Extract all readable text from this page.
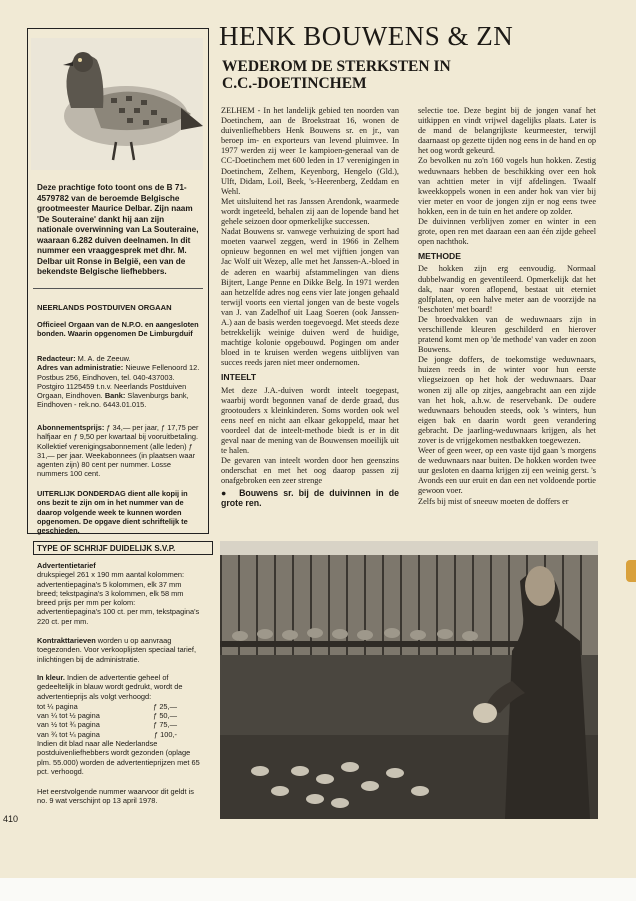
Deze prachtige foto toont ons de B 71-4579782 van de beroemde Belgische grootmeester Maurice Delbar. Zijn naam 'De Souteraine' dankt hij aan zijn nationale overwinning van La Souteraine, waaraan 6.282 duiven deelnamen. In dit nummer een vraaggesprek met dhr. M. Delbar uit Ronse in België, een van de bekendste Belgische liefhebbers.
NEERLANDS POSTDUIVEN ORGAAN
Officieel Orgaan van de N.P.O. en aangesloten bonden. Waarin opgenomen De Limburgduif
Redacteur: M. A. de Zeeuw.
Adres van administratie: Nieuwe Fellenoord 12. Postbus 256, Eindhoven, tel. 040-437003. Postgiro 1125459 t.n.v. Neerlands Postduiven Orgaan, Eindhoven. Bank: Slavenburgs bank, Eindhoven - rek.no. 6443.01.015.
Abonnementsprijs: ƒ 34,— per jaar, ƒ 17,75 per halfjaar en ƒ 9,50 per kwartaal bij vooruitbetaling. Kollektief verenigingsabonnement (alle leden) ƒ 31,— per jaar. Weekabonnees (in plaatsen waar agenten zijn) 80 cent per nummer. Losse nummers 100 cent.
UITERLIJK DONDERDAG dient alle kopij in ons bezit te zijn om in het nummer van de daarop volgende week te kunnen worden opgenomen. De opgave dient schriftelijk te geschieden.
TYPE OF SCHRIJF DUIDELIJK S.V.P.
Advertentietarief
drukspiegel 261 x 190 mm aantal kolommen: advertentiepagina's 5 kolommen, elk 37 mm breed; tekstpagina's 3 kolommen, elk 58 mm breed prijs per mm per kolom: advertentiepagina's 100 ct. per mm, tekstpagina's 220 ct. per mm.
Kontrakttarieven worden u op aanvraag toegezonden. Voor verkooplijsten speciaal tarief, inlichtingen bij de administratie.
In kleur. Indien de advertentie geheel of gedeeltelijk in blauw wordt gedrukt, wordt de advertentieprijs als volgt verhoogd:
tot ¼ pagina	ƒ 25,—
van ¼ tot ½ pagina	ƒ 50,—
van ½ tot ¾ pagina	ƒ 75,—
van ¾ tot ¼ pagina	ƒ 100,-
Indien dit blad naar alle Nederlandse postduivenliefhebbers wordt gezonden (oplage plm. 55.000) worden de advertentieprijzen met 65 pct. verhoogd.
Het eerstvolgende nummer waarvoor dit geldt is no. 9 wat verschijnt op 13 april 1978.
410
HENK BOUWENS & ZN
WEDEROM DE STERKSTEN IN
C.C.-DOETINCHEM

ZELHEM - In het landelijk gebied ten noorden van Doetinchem, aan de Broekstraat 16, wonen de duivenliefhebbers Henk Bouwens sr. en jr., van beroep im- en exporteurs van levend pluimvee. In 1977 werden zij weer 1e kampioen-generaal van de CC-Doetinchem met 600 leden in 17 verenigingen in Doetinchem, Zelhem, Keyenborg, Hengelo (Gld.), Ulft, Didam, Loil, Beek, 's-Heerenberg, Zeddam en Wehl.

Met uitsluitend het ras Janssen Arendonk, waarmede wordt ingeteeld, behalen zij aan de lopende band het gehele seizoen door opmerkelijke successen.

Nadat Bouwens sr. vanwege verhuizing de sport had moeten vaarwel zeggen, werd in 1966 in Zelhem opnieuw begonnen en wel met vijftien jongen van Jac Wolf uit Wezep, alle met het Janssen-A.-bloed in de aderen en waarbij afstammelingen van diens Bijtert, Lange Penne en Dikke Belg. In 1971 werden aan hetzelfde adres nog eens vier late jongen gehaald terwijl voorts een viertal jongen van de beste vogels van J. van Zadelhof uit Laag Soeren (ook Janssen-A.) aan de basis werden toegevoegd. Met steeds deze betrekkelijk weinige duiven werd de huidige, machtige kolonie opgebouwd. Pogingen om ander bloed in te kruisen werden wegens uitblijven van succes reeds jaren niet meer ondernomen.

INTEELT

Met deze J.A.-duiven wordt inteelt toegepast, waarbij wordt begonnen vanaf de derde graad, dus grootouders x kleinkinderen. Soms worden ook wel eens neef en nicht aan elkaar gekoppeld, maar het voordeel dat de inteelt-methode biedt is er in dit geval naar de mening van de Bouwensen moeilijk uit te halen.

De gevaren van inteelt worden door hen geenszins onderschat en met het oog daarop passen zij onafgebroken een zeer strenge

● Bouwens sr. bij de duivinnen in de grote ren.

selectie toe. Deze begint bij de jongen vanaf het uitkippen en vindt vrijwel dagelijks plaats. Later is de mand de belangrijkste keurmeester, terwijl daarnaast op gezette tijden nog eens in de hand en op het oog wordt gekeurd.

Zo bevolken nu zo'n 160 vogels hun hokken. Zestig weduwnaars hebben de beschikking over een hok van achttien meter in vijf afdelingen. Twaalf kweekkoppels wonen in een ander hok van vier bij vier meter en voor de jongen zijn er nog eens twee hokken, een in de tuin en het andere op zolder.

De duivinnen verblijven zomer en winter in een grote, open ren met daaraan een aan één zijde geheel open nachthok.

METHODE

De hokken zijn erg eenvoudig. Normaal dubbelwandig en geventileerd. Opmerkelijk dat het dak, naar voren aflopend, bestaat uit eterniet golfplaten, op een halve meter aan de voorzijde na 'beschoten' met board!

De broedvakken van de weduwnaars zijn in verschillende kleuren geschilderd en hierover pratend komt men op 'de methode' van vader en zoon Bouwens.

De jonge doffers, de toekomstige weduwnaars, huizen reeds in de winter voor hun eerste vliegseizoen op het hok der weduwnaars. Daar wonen zij alle op zitjes, aangebracht aan een zijde van het hok, a.h.w. de reservebank. De oudere weduwnaars behouden steeds, ook 's winters, hun eigen bak en daarin wordt geen verandering gebracht. De jaarling-weduwnaars krijgen, als het zover is de vrijgekomen nestbakken toegewezen.

Weer of geen weer, op een vaste tijd gaan 's morgens de weduwnaars naar buiten. De hokken worden twee uur gesloten en daarna krijgen zij een weinig gerst. 's Avonds een uur eruit en dan een net voldoende portie gewoon voer.

Zelfs bij mist of sneeuw moeten de doffers er
